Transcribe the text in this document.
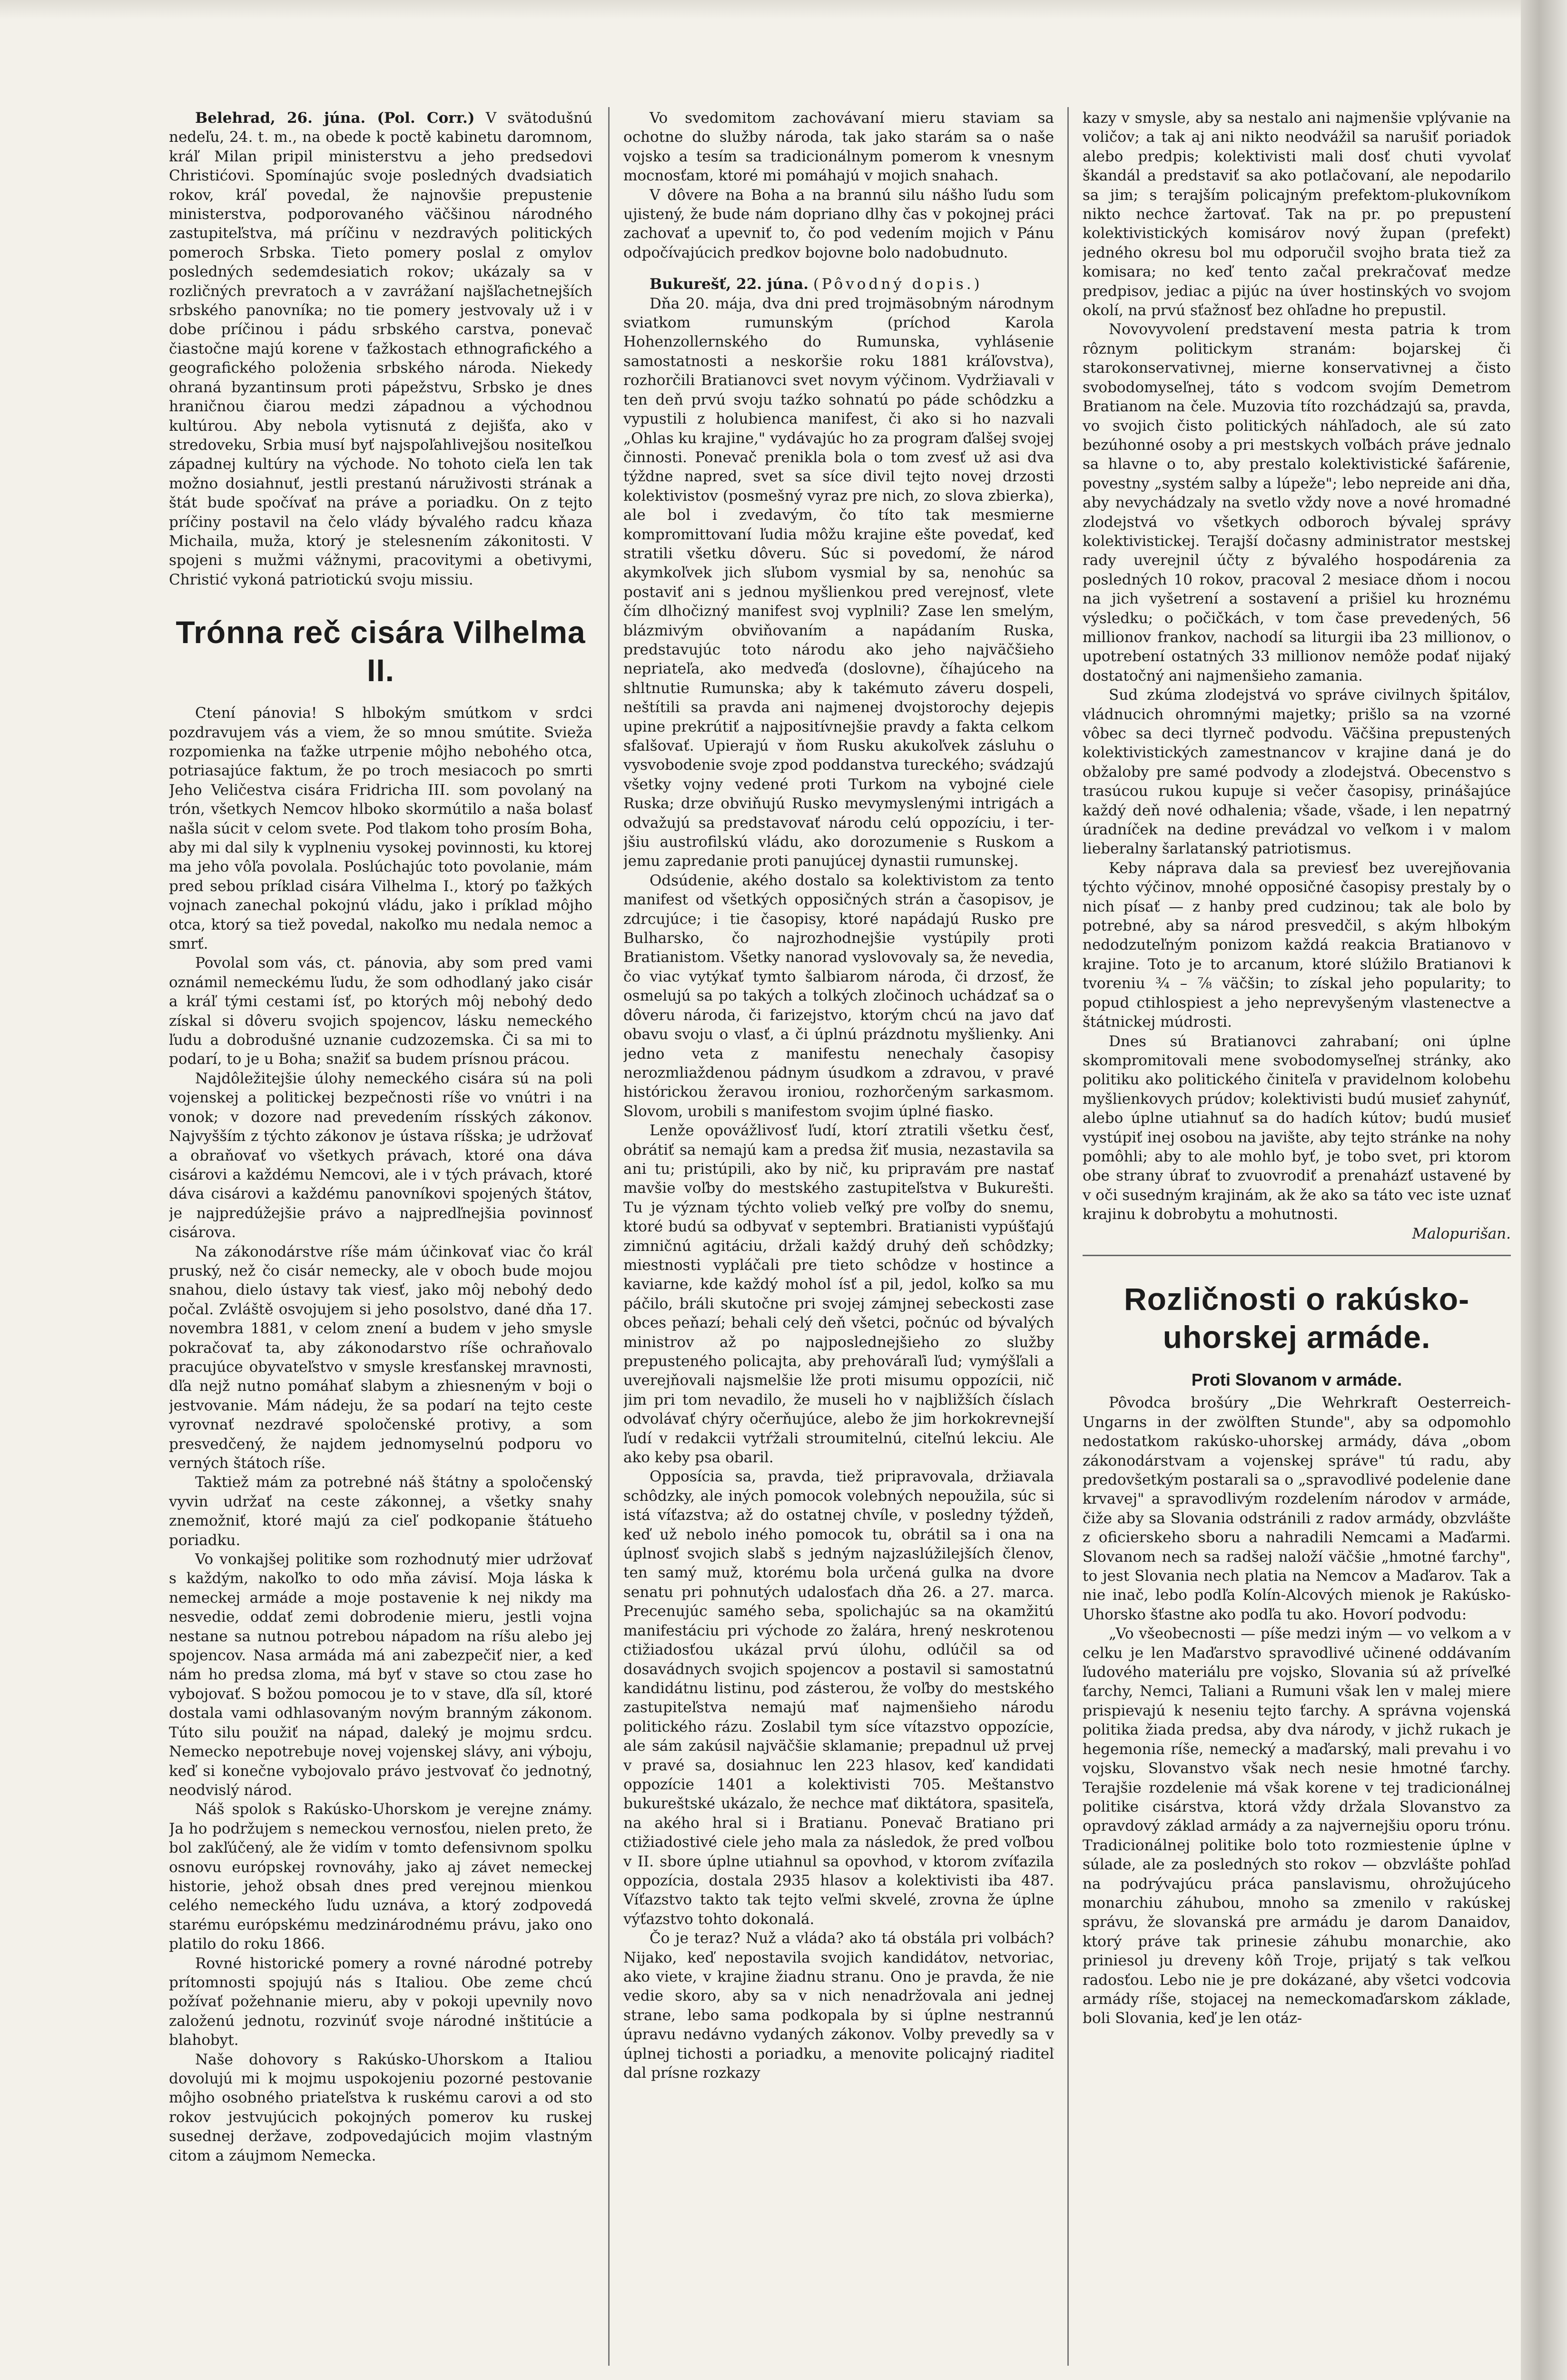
Belehrad, 26. júna. (Pol. Corr.) V svätodušnú nedeľu, 24. t. m., na obede k poctě kabinetu daromnom, kráľ Milan pripil ministerstvu a jeho predsedovi Christićovi. Spomínajúc svoje posledných dvadsiatich rokov, kráľ povedal, že najnovšie prepustenie ministerstva, podporovaného väčšinou národného zastupiteľstva, má príčinu v nezdravých politických pomeroch Srbska. Tieto pomery poslal z omylov posledných sedemdesiatich rokov; ukázaly sa v rozličných prevratoch a v zavrážaní najšľachetnejších srbského panovníka; no tie pomery jestvovaly už i v dobe príčinou i pádu srbského carstva, ponevač čiastočne majú korene v ťažkostach ethnografického a geografického položenia srbského národa. Niekedy ohraná byzantinsum proti pápežstvu, Srbsko je dnes hraničnou čiarou medzi západnou a východnou kultúrou. Aby nebola vytisnutá z dejišťa, ako v stredoveku, Srbia musí byť najspoľahlivejšou nositeľkou západnej kultúry na východe. No tohoto cieľa len tak možno dosiahnuť, jestli prestanú náruživosti strának a štát bude spočívať na práve a poriadku. On z tejto príčiny postavil na čelo vlády bývalého radcu kňaza Michaila, muža, ktorý je stelesnením zákonitosti. V spojeni s mužmi vážnymi, pracovitymi a obetivymi, Christić vykoná patriotickú svoju missiu.

Trónna reč cisára Vilhelma II.

Ctení pánovia! S hlbokým smútkom v srdci pozdravujem vás a viem, že so mnou smútite. Svieža rozpomienka na ťažke utrpenie môjho nebohého otca, potriasajúce faktum, že po troch mesiacoch po smrti Jeho Veličestva cisára Fridricha III. som povolaný na trón, všetkych Nemcov hlboko skormútilo a naša bolasť našla súcit v celom svete. Pod tlakom toho prosím Boha, aby mi dal sily k vyplneniu vysokej povinnosti, ku ktorej ma jeho vôľa povolala. Poslúchajúc toto povolanie, mám pred sebou príklad cisára Vilhelma I., ktorý po ťažkých vojnach zanechal pokojnú vládu, jako i príklad môjho otca, ktorý sa tiež povedal, nakoľko mu nedala nemoc a smrť.

Povolal som vás, ct. pánovia, aby som pred vami oznámil nemeckému ľudu, že som odhodlaný jako cisár a kráľ tými cestami ísť, po ktorých môj nebohý dedo získal si dôveru svojich spojencov, lásku nemeckého ľudu a dobrodušné uznanie cudzozemska. Či sa mi to podarí, to je u Boha; snažiť sa budem prísnou prácou.

Najdôležitejšie úlohy nemeckého cisára sú na poli vojenskej a politickej bezpečnosti ríše vo vnútri i na vonok; v dozore nad prevedením rísských zákonov. Najvyšším z týchto zákonov je ústava ríšska; je udržovať a obraňovať vo všetkych právach, ktoré ona dáva cisárovi a každému Nemcovi, ale i v tých právach, ktoré dáva cisárovi a každému panovníkovi spojených štátov, je najpredúžejšie právo a najpredľnejšia povinnosť cisárova.

Na zákonodárstve ríše mám účinkovať viac čo kráľ pruský, než čo cisár nemecky, ale v oboch bude mojou snahou, dielo ústavy tak viesť, jako môj nebohý dedo počal. Zvláště osvojujem si jeho posolstvo, dané dňa 17. novembra 1881, v celom znení a budem v jeho smysle pokračovať ta, aby zákonodarstvo ríše ochraňovalo pracujúce obyvateľstvo v smysle kresťanskej mravnosti, dľa nejž nutno pomáhať slabym a zhiesneným v boji o jestvovanie. Mám nádeju, že sa podarí na tejto ceste vyrovnať nezdravé spoločenské protivy, a som presvedčený, že najdem jednomyselnú podporu vo verných štátoch ríše.

Taktiež mám za potrebné náš štátny a spoločenský vyvin udržať na ceste zákonnej, a všetky snahy znemožniť, ktoré majú za cieľ podkopanie štátueho poriadku.

Vo vonkajšej politike som rozhodnutý mier udržovať s každým, nakoľko to odo mňa závisí. Moja láska k nemeckej armáde a moje postavenie k nej nikdy ma nesvedie, oddať zemi dobrodenie mieru, jestli vojna nestane sa nutnou potrebou nápadom na ríšu alebo jej spojencov. Nasa armáda má ani zabezpečiť nier, a keď nám ho predsa zloma, má byť v stave so ctou zase ho vybojovať. S božou pomocou je to v stave, dľa síl, ktoré dostala vami odhlasovaným novým branným zákonom. Túto silu použiť na nápad, daleký je mojmu srdcu. Nemecko nepotrebuje novej vojenskej slávy, ani výboju, keď si konečne vybojovalo právo jestvovať čo jednotný, neodvislý národ.

Náš spolok s Rakúsko-Uhorskom je verejne známy. Ja ho podržujem s nemeckou vernosťou, nielen preto, že bol zakľúčený, ale že vidím v tomto defensivnom spolku osnovu európskej rovnováhy, jako aj závet nemeckej historie, jehož obsah dnes pred verejnou mienkou celého nemeckého ľudu uznáva, a ktorý zodpovedá starému európskému medzinárodnému právu, jako ono platilo do roku 1866.

Rovné historické pomery a rovné národné potreby prítomnosti spojujú nás s Italiou. Obe zeme chcú požívať požehnanie mieru, aby v pokoji upevnily novo založenú jednotu, rozvinúť svoje národné inštitúcie a blahobyt.

Naše dohovory s Rakúsko-Uhorskom a Italiou dovolujú mi k mojmu uspokojeniu pozorné pestovanie môjho osobného priateľstva k ruskému carovi a od sto rokov jestvujúcich pokojných pomerov ku ruskej susednej deržave, zodpovedajúcich mojim vlastným citom a záujmom Nemecka.

Vo svedomitom zachovávaní mieru staviam sa ochotne do služby národa, tak jako starám sa o naše vojsko a tesím sa tradicionálnym pomerom k vnesnym mocnosťam, ktoré mi pomáhajú v mojich snahach.

V dôvere na Boha a na brannú silu nášho ľudu som ujistený, že bude nám dopriano dlhy čas v pokojnej práci zachovať a upevniť to, čo pod vedením mojich v Pánu odpočívajúcich predkov bojovne bolo nadobudnuto.

Bukurešť, 22. júna. (Pôvodný dopis.)

Dňa 20. mája, dva dni pred trojmäsobným národnym sviatkom rumunským (príchod Karola Hohenzollernského do Rumunska, vyhlásenie samostatnosti a neskoršie roku 1881 kráľovstva), rozhorčili Bratianovci svet novym výčinom. Vydržiavali v ten deň prvú svoju taźko sohnatú po páde schôdzku a vypustili z holubienca manifest, či ako si ho nazvali „Ohlas ku krajine," vydávajúc ho za program ďalšej svojej činnosti. Ponevač prenikla bola o tom zvesť už asi dva týždne napred, svet sa síce divil tejto novej drzosti kolektivistov (posmešný vyraz pre nich, zo slova zbierka), ale bol i zvedavým, čo títo tak mesmierne kompromittovaní ľudia môžu krajine ešte povedať, keď stratili všetku dôveru. Súc si povedomí, že národ akymkoľvek jich sľubom vysmial by sa, nenohúc sa postaviť ani s jednou myšlienkou pred verejnosť, vlete čím dlhočizný manifest svoj vyplnili? Zase len smelým, blázmivým obviňovaním a napádaním Ruska, predstavujúc toto národu ako jeho najväčšieho nepriateľa, ako medveďa (doslovne), číhajúceho na shltnutie Rumunska; aby k takémuto záveru dospeli, neštítili sa pravda ani najmenej dvojstorochy dejepis upine prekrútiť a najpositívnejšie pravdy a fakta celkom sfalšovať. Upierajú v ňom Rusku akukoľvek zásluhu o vysvobodenie svoje zpod poddanstva tureckého; svádzajú všetky vojny vedené proti Turkom na vybojné ciele Ruska; drze obviňujú Rusko mevymyslenými intrigách a odvažujú sa predstavovať národu celú oppozíciu, i ter-jšiu austrofilskú vládu, ako dorozumenie s Ruskom a jemu zapredanie proti panujúcej dynastii rumunskej.

Odsúdenie, akého dostalo sa kolektivistom za tento manifest od všetkých opposičných strán a časopisov, je zdrcujúce; i tie časopisy, ktoré napádajú Rusko pre Bulharsko, čo najrozhodnejšie vystúpily proti Bratianistom. Všetky nanorad vyslovovaly sa, že nevedia, čo viac vytýkať tymto šalbiarom národa, či drzosť, že osmelujú sa po takých a tolkých zločinoch uchádzať sa o dôveru národa, či farizejstvo, ktorým chcú na javo dať obavu svoju o vlasť, a či úplnú prázdnotu myšlienky. Ani jedno veta z manifestu nenechaly časopisy nerozmliaždenou pádnym úsudkom a zdravou, v pravé histórickou žeravou ironiou, rozhorčeným sarkasmom. Slovom, urobili s manifestom svojim úplné fiasko.

Lenže opovážlivosť ľudí, ktorí ztratili všetku česť, obrátiť sa nemajú kam a predsa žiť musia, nezastavila sa ani tu; pristúpili, ako by nič, ku pripravám pre nastať mavšie voľby do mestského zastupiteľstva v Bukurešti. Tu je význam týchto volieb veľký pre voľby do snemu, ktoré budú sa odbyvať v septembri. Bratianisti vypúšťajú zimničnú agitáciu, držali každý druhý deň schôdzky; miestnosti vypláčali pre tieto schôdze v hostince a kaviarne, kde každý mohol ísť a pil, jedol, koľko sa mu páčilo, bráli skutočne pri svojej zámjnej sebeckosti zase obces peňazí; behali celý deň všetci, počnúc od bývalých ministrov až po najposlednejšieho zo služby prepusteného policajta, aby prehováraľi ľud; vymýšľali a uverejňovali najsmelšie lže proti misumu oppozícii, nič jim pri tom nevadilo, že museli ho v najbližších číslach odvolávať chýry očerňujúce, alebo že jim horkokrevnejší ľudí v redakcii vytŕžali stroumitelnú, citeľnú lekciu. Ale ako keby psa obaril.

Opposícia sa, pravda, tiež pripravovala, držiavala schôdzky, ale iných pomocok volebných nepoužila, súc si istá víťazstva; až do ostatnej chvíle, v posledny týždeň, keď už nebolo iného pomocok tu, obrátil sa i ona na úplnosť svojich slabš s jedným najzaslúžilejších členov, ten samý muž, ktorému bola určená gulka na dvore senatu pri pohnutých udalosťach dňa 26. a 27. marca. Precenujúc samého seba, spolichajúc sa na okamžitú manifestáciu pri východe zo žalára, hrený neskrotenou ctižiadosťou ukázal prvú úlohu, odlúčil sa od dosavádnych svojich spojencov a postavil si samostatnú kandidátnu listinu, pod zásterou, že voľby do mestského zastupiteľstva nemajú mať najmenšieho národu politického rázu. Zoslabil tym síce vítazstvo oppozície, ale sám zakúsil najväčšie sklamanie; prepadnul už prvej v pravé sa, dosiahnuc len 223 hlasov, keď kandidati oppozície 1401 a kolektivisti 705. Meštanstvo bukureštské ukázalo, že nechce mať diktátora, spasiteľa, na akého hral si i Bratianu. Ponevač Bratiano pri ctižiadostivé ciele jeho mala za následok, že pred voľbou v II. sbore úplne utiahnul sa opovhod, v ktorom zvíťazila oppozícia, dostala 2935 hlasov a kolektivisti iba 487. Víťazstvo takto tak tejto veľmi skvelé, zrovna že úplne výťazstvo tohto dokonalá.

Čo je teraz? Nuž a vláda? ako tá obstála pri volbách? Nijako, keď nepostavila svojich kandidátov, netvoriac, ako viete, v krajine žiadnu stranu. Ono je pravda, že nie vedie skoro, aby sa v nich nenadržovala ani jednej strane, lebo sama podkopala by si úplne nestrannú úpravu nedávno vydaných zákonov. Volby prevedly sa v úplnej tichosti a poriadku, a menovite policajný riaditeľ dal prísne rozkazy

kazy v smysle, aby sa nestalo ani najmenšie vplývanie na voličov; a tak aj ani nikto neodvážil sa narušiť poriadok alebo predpis; kolektivisti mali dosť chuti vyvolať škandál a predstaviť sa ako potlačovaní, ale nepodarilo sa jim; s terajším policajným prefektom-plukovníkom nikto nechce žartovať. Tak na pr. po prepustení kolektivistických komisárov nový župan (prefekt) jedného okresu bol mu odporučil svojho brata tiež za komisara; no keď tento začal prekračovať medze predpisov, jediac a pijúc na úver hostinských vo svojom okolí, na prvú sťažnosť bez ohľadne ho prepustil.

Novovyvolení predstavení mesta patria k trom rôznym politickym stranám: bojarskej či starokonservativnej, mierne konservativnej a čisto svobodomyseľnej, táto s vodcom svojím Demetrom Bratianom na čele. Muzovia títo rozchádzajú sa, pravda, vo svojich čisto politických náhľadoch, ale sú zato bezúhonné osoby a pri mestskych voľbách práve jednalo sa hlavne o to, aby prestalo kolektivistické šafárenie, povestny „systém salby a lúpeže"; lebo nepreide ani dňa, aby nevychádzaly na svetlo vždy nove a nové hromadné zlodejstvá vo všetkych odboroch bývalej správy kolektivistickej. Terajší dočasny administrator mestskej rady uverejnil účty z bývalého hospodárenia za posledných 10 rokov, pracoval 2 mesiace dňom i nocou na jich vyšetrení a sostavení a prišiel ku hroznému výsledku; o počičkách, v tom čase prevedených, 56 millionov frankov, nachodí sa liturgii iba 23 millionov, o upotrebení ostatných 33 millionov nemôže podať nijaký dostatočný ani najmenšieho zamania.

Sud zkúma zlodejstvá vo správe civilnych špitálov, vládnucich ohromnými majetky; prišlo sa na vzorné vôbec sa deci tlyrneč podvodu. Väčšina prepustených kolektivistických zamestnancov v krajine daná je do obžaloby pre samé podvody a zlodejstvá. Obecenstvo s trasúcou rukou kupuje si večer časopisy, prinášajúce každý deň nové odhalenia; všade, všade, i len nepatrný úradníček na dedine prevádzal vo veľkom i v malom lieberalny šarlatanský patriotismus.

Keby náprava dala sa previesť bez uverejňovania týchto výčinov, mnohé opposičné časopisy prestaly by o nich písať — z hanby pred cudzinou; tak ale bolo by potrebné, aby sa národ presvedčil, s akým hlbokým nedodzuteľným ponizom každá reakcia Bratianovo v krajine. Toto je to arcanum, ktoré slúžilo Bratianovi k tvoreniu ¾ – ⅞ väčšin; to získal jeho popularity; to popud ctihlospiest a jeho neprevyšeným vlastenectve a štátnickej múdrosti.

Dnes sú Bratianovci zahrabaní; oni úplne skompromitovali mene svobodomyseľnej stránky, ako politiku ako politického činiteľa v pravidelnom kolobehu myšlienkovych prúdov; kolektivisti budú musieť zahynúť, alebo úplne utiahnuť sa do hadích kútov; budú musieť vystúpiť inej osobou na javište, aby tejto stránke na nohy pomôhli; aby to ale mohlo byť, je tobo svet, pri ktorom obe strany úbrať to zvuovrodiť a prenaházť ustavené by v oči susedným krajinám, ak že ako sa táto vec iste uznať krajinu k dobrobytu a mohutnosti.

Malopurišan.

Rozličnosti o rakúsko-uhorskej armáde.
Proti Slovanom v armáde.

Pôvodca brošúry „Die Wehrkraft Oesterreich-Ungarns in der zwölften Stunde", aby sa odpomohlo nedostatkom rakúsko-uhorskej armády, dáva „obom zákonodárstvam a vojenskej správe" tú radu, aby predovšetkým postarali sa o „spravodlivé podelenie dane krvavej" a spravodlivým rozdelením národov v armáde, čiže aby sa Slovania odstránili z radov armády, obzvlášte z oficierskeho sboru a nahradili Nemcami a Maďarmi. Slovanom nech sa radšej naloží väčšie „hmotné ťarchy", to jest Slovania nech platia na Nemcov a Maďarov. Tak a nie inač, lebo podľa Kolín-Alcových mienok je Rakúsko-Uhorsko šťastne ako podľa tu ako. Hovorí podvodu:

„Vo všeobecnosti — píše medzi iným — vo velkom a v celku je len Maďarstvo spravodlivé učinené oddávaním ľudového materiálu pre vojsko, Slovania sú až príveľké ťarchy, Nemci, Taliani a Rumuni však len v malej miere prispievajú k neseniu tejto ťarchy. A správna vojenská politika žiada predsa, aby dva národy, v jichž rukach je hegemonia ríše, nemecký a maďarský, mali prevahu i vo vojsku, Slovanstvo však nech nesie hmotné ťarchy. Terajšie rozdelenie má však korene v tej tradicionálnej politike cisárstva, ktorá vždy držala Slovanstvo za opravdový základ armády a za najvernejšiu oporu trónu. Tradicionálnej politike bolo toto rozmiestenie úplne v súlade, ale za posledných sto rokov — obzvlášte pohľad na podrývajúcu práca panslavismu, ohrožujúceho monarchiu záhubou, mnoho sa zmenilo v rakúskej správu, že slovanská pre armádu je darom Danaidov, ktorý práve tak prinesie záhubu monarchie, ako priniesol ju dreveny kôň Troje, prijatý s tak veľkou radosťou. Lebo nie je pre dokázané, aby všetci vodcovia armády ríše, stojacej na nemeckomaďarskom základe, boli Slovania, keď je len otáz-
